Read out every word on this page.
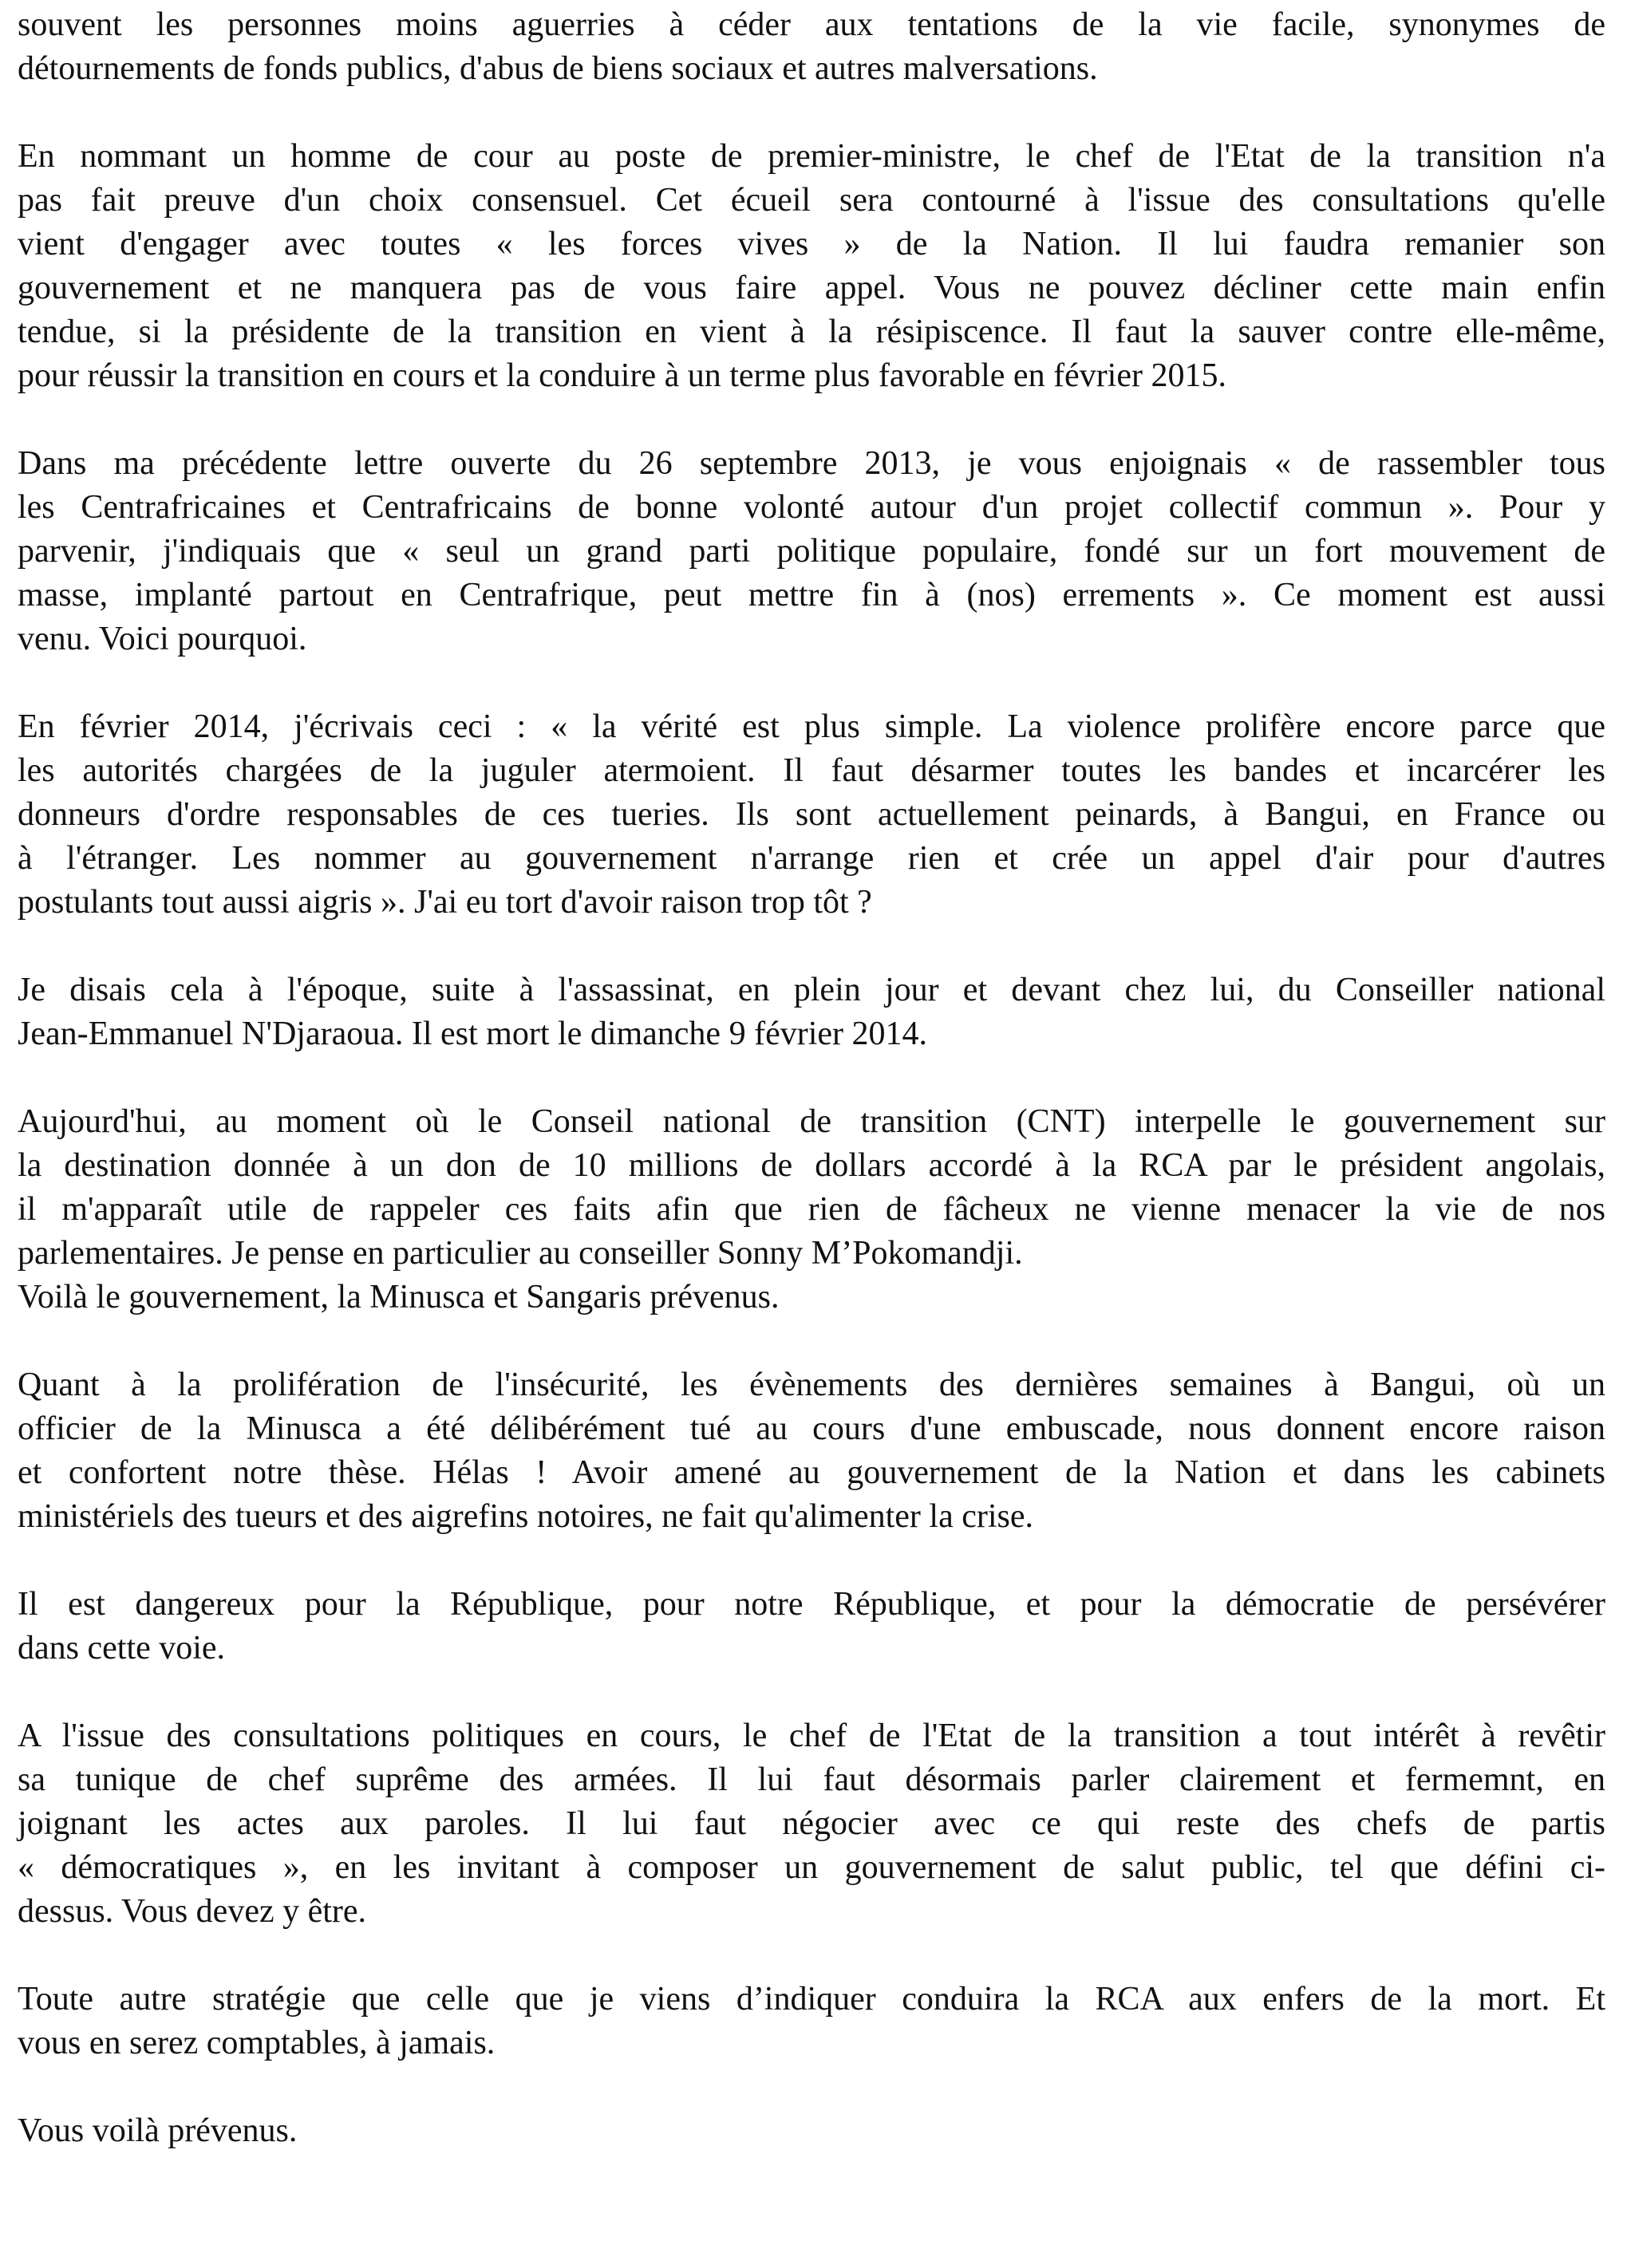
souvent les personnes moins aguerries à céder aux tentations de la vie facile, synonymes de
détournements de fonds publics, d'abus de biens sociaux et autres malversations.

En nommant un homme de cour au poste de premier-ministre, le chef de l'Etat de la transition n'a
pas fait preuve d'un choix consensuel. Cet écueil sera contourné à l'issue des consultations qu'elle
vient d'engager avec toutes « les forces vives » de la Nation. Il lui faudra remanier son
gouvernement et ne manquera pas de vous faire appel. Vous ne pouvez décliner cette main enfin
tendue, si la présidente de la transition en vient à la résipiscence. Il faut la sauver contre elle-même,
pour réussir la transition en cours et la conduire à un terme plus favorable en février 2015.

Dans ma précédente lettre ouverte du 26 septembre 2013, je vous enjoignais « de rassembler tous
les Centrafricaines et Centrafricains de bonne volonté autour d'un projet collectif commun ». Pour y
parvenir, j'indiquais que « seul un grand parti politique populaire, fondé sur un fort mouvement de
masse, implanté partout en Centrafrique, peut mettre fin à (nos) errements ». Ce moment est aussi
venu. Voici pourquoi.

En février 2014, j'écrivais ceci : « la vérité est plus simple. La violence prolifère encore parce que
les autorités chargées de la juguler atermoient. Il faut désarmer toutes les bandes et incarcérer les
donneurs d'ordre responsables de ces tueries. Ils sont actuellement peinards, à Bangui, en France ou
à l'étranger. Les nommer au gouvernement n'arrange rien et crée un appel d'air pour d'autres
postulants tout aussi aigris ». J'ai eu tort d'avoir raison trop tôt ?

Je disais cela à l'époque, suite à l'assassinat, en plein jour et devant chez lui, du Conseiller national
Jean-Emmanuel N'Djaraoua. Il est mort le dimanche 9 février 2014.

Aujourd'hui, au moment où le Conseil national de transition (CNT) interpelle le gouvernement sur
la destination donnée à un don de 10 millions de dollars accordé à la RCA par le président angolais,
il m'apparaît utile de rappeler ces faits afin que rien de fâcheux ne vienne menacer la vie de nos
parlementaires. Je pense en particulier au conseiller Sonny M’Pokomandji.
Voilà le gouvernement, la Minusca et Sangaris prévenus.

Quant à la prolifération de l'insécurité, les évènements des dernières semaines à Bangui, où un
officier de la Minusca a été délibérément tué au cours d'une embuscade, nous donnent encore raison
et confortent notre thèse. Hélas ! Avoir amené au gouvernement de la Nation et dans les cabinets
ministériels des tueurs et des aigrefins notoires, ne fait qu'alimenter la crise.

Il est dangereux pour la République, pour notre République, et pour la démocratie de persévérer
dans cette voie.

A l'issue des consultations politiques en cours, le chef de l'Etat de la transition a tout intérêt à revêtir
sa tunique de chef suprême des armées. Il lui faut désormais parler clairement et fermemnt, en
joignant les actes aux paroles. Il lui faut négocier avec ce qui reste des chefs de partis
« démocratiques », en les invitant à composer un gouvernement de salut public, tel que défini ci-
dessus. Vous devez y être.

Toute autre stratégie que celle que je viens d’indiquer conduira la RCA aux enfers de la mort. Et
vous en serez comptables, à jamais.

Vous voilà prévenus.
